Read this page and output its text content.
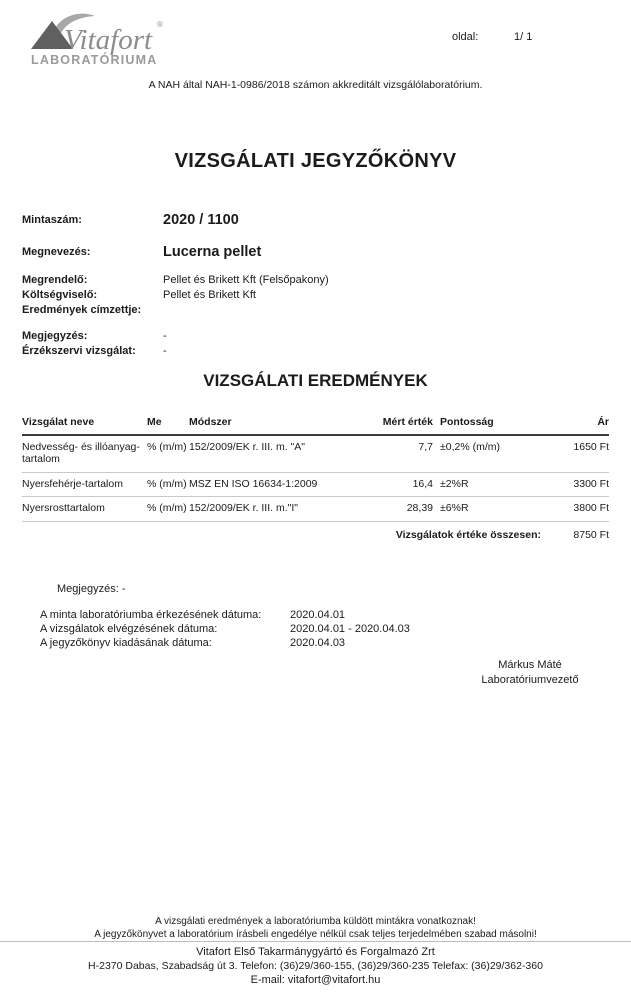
Vitafort ®
LABORATÓRIUMA
oldal:	1/ 1
A NAH által NAH-1-0986/2018 számon akkreditált vizsgálólaboratórium.
VIZSGÁLATI JEGYZŐKÖNYV
Mintaszám:	2020 / 1100
Megnevezés:	Lucerna pellet
Megrendelő:	Pellet és Brikett Kft (Felsőpakony)
Költségviselő:	Pellet és Brikett Kft
Eredmények címzettje:
Megjegyzés:	-
Érzékszervi vizsgálat: -
VIZSGÁLATI EREDMÉNYEK
Vizsgálat neve	Me	Módszer	Mért érték	Pontosság	Ár
Nedvesség- és illóanyag-tartalom	% (m/m)	152/2009/EK r. III. m. "A"	7,7	±0,2% (m/m)	1650 Ft
Nyersfehérje-tartalom	% (m/m)	MSZ EN ISO 16634-1:2009	16,4	±2%R	3300 Ft
Nyersrosttartalom	% (m/m)	152/2009/EK r. III. m."I"	28,39	±6%R	3800 Ft
Vizsgálatok értéke összesen:					8750 Ft
Megjegyzés: -
A minta laboratóriumba érkezésének dátuma:	2020.04.01
A vizsgálatok elvégzésének dátuma:	2020.04.01 - 2020.04.03
A jegyzőkönyv kiadásának dátuma:	2020.04.03
Márkus Máté
Laboratóriumvezető
A vizsgálati eredmények a laboratóriumba küldött mintákra vonatkoznak!
A jegyzőkönyvet a laboratórium írásbeli engedélye nélkül csak teljes terjedelmében szabad másolni!
Vitafort Első Takarmánygyártó és Forgalmazó Zrt
H-2370 Dabas, Szabadság út 3. Telefon: (36)29/360-155, (36)29/360-235 Telefax: (36)29/362-360
E-mail: vitafort@vitafort.hu
